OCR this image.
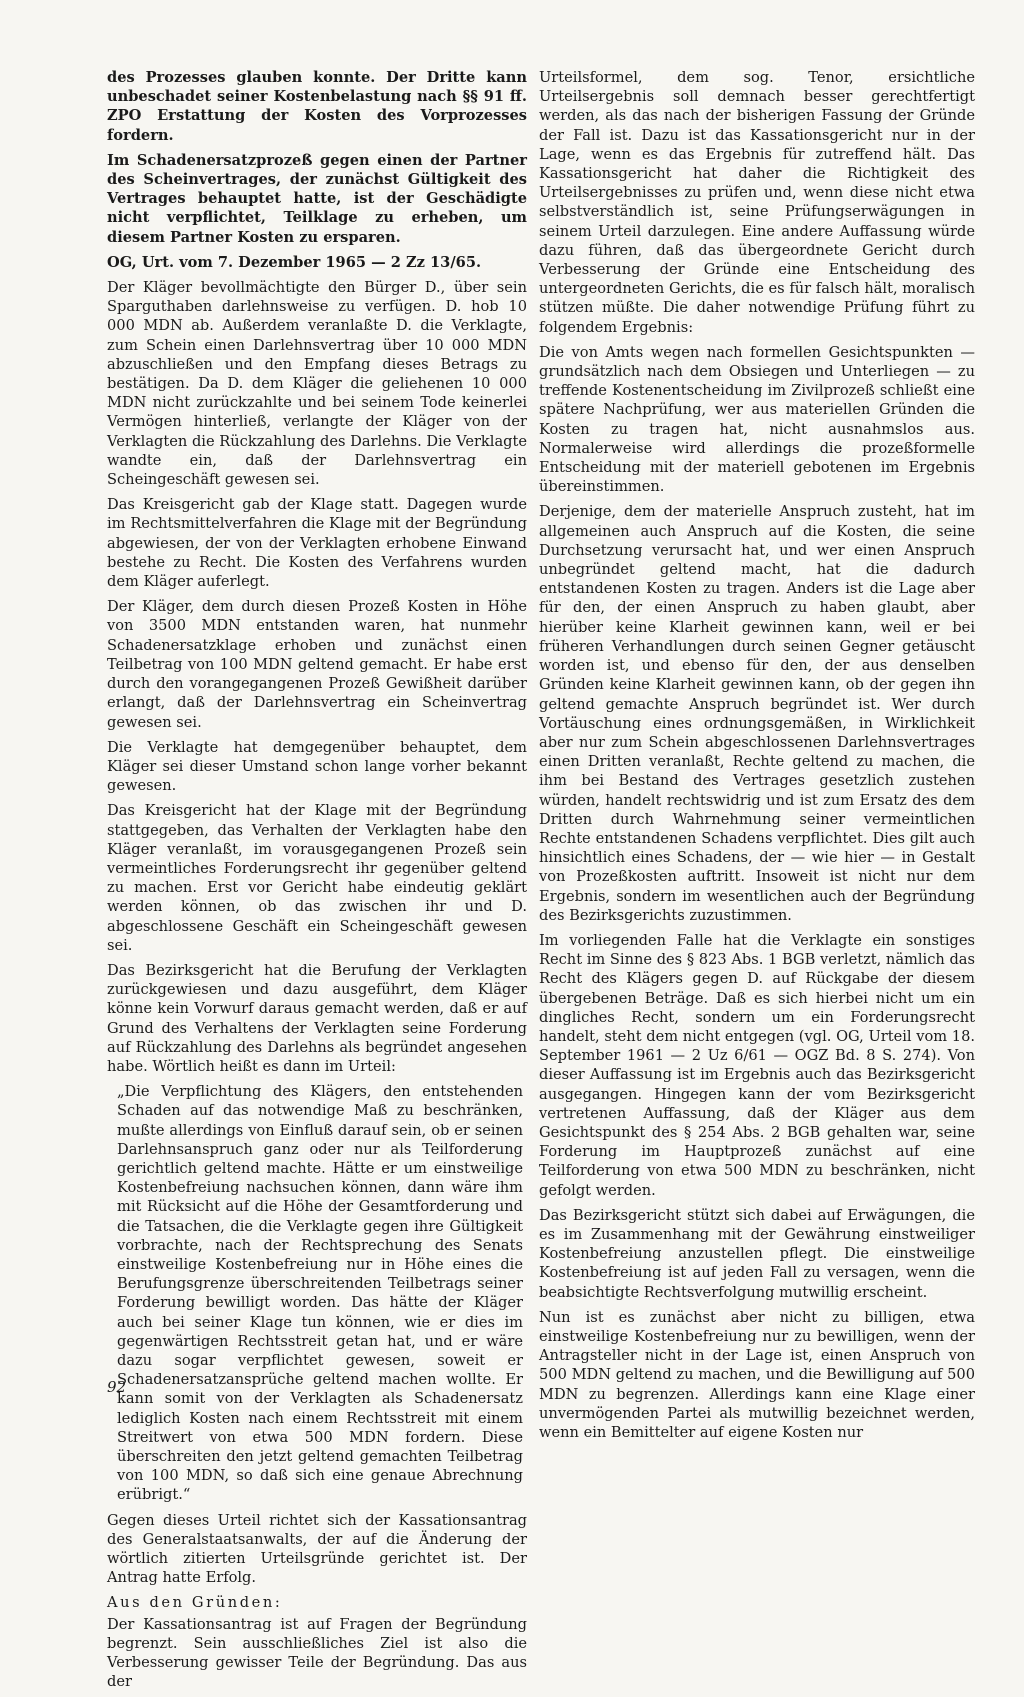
des Prozesses glauben konnte. Der Dritte kann unbeschadet seiner Kostenbelastung nach §§ 91 ff. ZPO Erstattung der Kosten des Vorprozesses fordern.

Im Schadenersatzprozeß gegen einen der Partner des Scheinvertrages, der zunächst Gültigkeit des Vertrages behauptet hatte, ist der Geschädigte nicht verpflichtet, Teilklage zu erheben, um diesem Partner Kosten zu ersparen.

OG, Urt. vom 7. Dezember 1965 — 2 Zz 13/65.

Der Kläger bevollmächtigte den Bürger D., über sein Sparguthaben darlehnsweise zu verfügen. D. hob 10 000 MDN ab. Außerdem veranlaßte D. die Verklagte, zum Schein einen Darlehnsvertrag über 10 000 MDN abzuschließen und den Empfang dieses Betrags zu bestätigen. Da D. dem Kläger die geliehenen 10 000 MDN nicht zurückzahlte und bei seinem Tode keinerlei Vermögen hinterließ, verlangte der Kläger von der Verklagten die Rückzahlung des Darlehns. Die Verklagte wandte ein, daß der Darlehnsvertrag ein Scheingeschäft gewesen sei.

Das Kreisgericht gab der Klage statt. Dagegen wurde im Rechtsmittelverfahren die Klage mit der Begründung abgewiesen, der von der Verklagten erhobene Einwand bestehe zu Recht. Die Kosten des Verfahrens wurden dem Kläger auferlegt.

Der Kläger, dem durch diesen Prozeß Kosten in Höhe von 3500 MDN entstanden waren, hat nunmehr Schadenersatzklage erhoben und zunächst einen Teilbetrag von 100 MDN geltend gemacht. Er habe erst durch den vorangegangenen Prozeß Gewißheit darüber erlangt, daß der Darlehnsvertrag ein Scheinvertrag gewesen sei.

Die Verklagte hat demgegenüber behauptet, dem Kläger sei dieser Umstand schon lange vorher bekannt gewesen.

Das Kreisgericht hat der Klage mit der Begründung stattgegeben, das Verhalten der Verklagten habe den Kläger veranlaßt, im vorausgegangenen Prozeß sein vermeintliches Forderungsrecht ihr gegenüber geltend zu machen. Erst vor Gericht habe eindeutig geklärt werden können, ob das zwischen ihr und D. abgeschlossene Geschäft ein Scheingeschäft gewesen sei.

Das Bezirksgericht hat die Berufung der Verklagten zurückgewiesen und dazu ausgeführt, dem Kläger könne kein Vorwurf daraus gemacht werden, daß er auf Grund des Verhaltens der Verklagten seine Forderung auf Rückzahlung des Darlehns als begründet angesehen habe. Wörtlich heißt es dann im Urteil:

„Die Verpflichtung des Klägers, den entstehenden Schaden auf das notwendige Maß zu beschränken, mußte allerdings von Einfluß darauf sein, ob er seinen Darlehnsanspruch ganz oder nur als Teilforderung gerichtlich geltend machte. Hätte er um einstweilige Kostenbefreiung nachsuchen können, dann wäre ihm mit Rücksicht auf die Höhe der Gesamtforderung und die Tatsachen, die die Verklagte gegen ihre Gültigkeit vorbrachte, nach der Rechtsprechung des Senats einstweilige Kostenbefreiung nur in Höhe eines die Berufungsgrenze überschreitenden Teilbetrags seiner Forderung bewilligt worden. Das hätte der Kläger auch bei seiner Klage tun können, wie er dies im gegenwärtigen Rechtsstreit getan hat, und er wäre dazu sogar verpflichtet gewesen, soweit er Schadenersatzansprüche geltend machen wollte. Er kann somit von der Verklagten als Schadenersatz lediglich Kosten nach einem Rechtsstreit mit einem Streitwert von etwa 500 MDN fordern. Diese überschreiten den jetzt geltend gemachten Teilbetrag von 100 MDN, so daß sich eine genaue Abrechnung erübrigt.“

Gegen dieses Urteil richtet sich der Kassationsantrag des Generalstaatsanwalts, der auf die Änderung der wörtlich zitierten Urteilsgründe gerichtet ist. Der Antrag hatte Erfolg.

Aus den Gründen:

Der Kassationsantrag ist auf Fragen der Begründung begrenzt. Sein ausschließliches Ziel ist also die Verbesserung gewisser Teile der Begründung. Das aus der

Urteilsformel, dem sog. Tenor, ersichtliche Urteilsergebnis soll demnach besser gerechtfertigt werden, als das nach der bisherigen Fassung der Gründe der Fall ist. Dazu ist das Kassationsgericht nur in der Lage, wenn es das Ergebnis für zutreffend hält. Das Kassationsgericht hat daher die Richtigkeit des Urteilsergebnisses zu prüfen und, wenn diese nicht etwa selbstverständlich ist, seine Prüfungserwägungen in seinem Urteil darzulegen. Eine andere Auffassung würde dazu führen, daß das übergeordnete Gericht durch Verbesserung der Gründe eine Entscheidung des untergeordneten Gerichts, die es für falsch hält, moralisch stützen müßte. Die daher notwendige Prüfung führt zu folgendem Ergebnis:

Die von Amts wegen nach formellen Gesichtspunkten — grundsätzlich nach dem Obsiegen und Unterliegen — zu treffende Kostenentscheidung im Zivilprozeß schließt eine spätere Nachprüfung, wer aus materiellen Gründen die Kosten zu tragen hat, nicht ausnahmslos aus. Normalerweise wird allerdings die prozeßformelle Entscheidung mit der materiell gebotenen im Ergebnis übereinstimmen.

Derjenige, dem der materielle Anspruch zusteht, hat im allgemeinen auch Anspruch auf die Kosten, die seine Durchsetzung verursacht hat, und wer einen Anspruch unbegründet geltend macht, hat die dadurch entstandenen Kosten zu tragen. Anders ist die Lage aber für den, der einen Anspruch zu haben glaubt, aber hierüber keine Klarheit gewinnen kann, weil er bei früheren Verhandlungen durch seinen Gegner getäuscht worden ist, und ebenso für den, der aus denselben Gründen keine Klarheit gewinnen kann, ob der gegen ihn geltend gemachte Anspruch begründet ist. Wer durch Vortäuschung eines ordnungsgemäßen, in Wirklichkeit aber nur zum Schein abgeschlossenen Darlehnsvertrages einen Dritten veranlaßt, Rechte geltend zu machen, die ihm bei Bestand des Vertrages gesetzlich zustehen würden, handelt rechtswidrig und ist zum Ersatz des dem Dritten durch Wahrnehmung seiner vermeintlichen Rechte entstandenen Schadens verpflichtet. Dies gilt auch hinsichtlich eines Schadens, der — wie hier — in Gestalt von Prozeßkosten auftritt. Insoweit ist nicht nur dem Ergebnis, sondern im wesentlichen auch der Begründung des Bezirksgerichts zuzustimmen.

Im vorliegenden Falle hat die Verklagte ein sonstiges Recht im Sinne des § 823 Abs. 1 BGB verletzt, nämlich das Recht des Klägers gegen D. auf Rückgabe der diesem übergebenen Beträge. Daß es sich hierbei nicht um ein dingliches Recht, sondern um ein Forderungsrecht handelt, steht dem nicht entgegen (vgl. OG, Urteil vom 18. September 1961 — 2 Uz 6/61 — OGZ Bd. 8 S. 274). Von dieser Auffassung ist im Ergebnis auch das Bezirksgericht ausgegangen. Hingegen kann der vom Bezirksgericht vertretenen Auffassung, daß der Kläger aus dem Gesichtspunkt des § 254 Abs. 2 BGB gehalten war, seine Forderung im Hauptprozeß zunächst auf eine Teilforderung von etwa 500 MDN zu beschränken, nicht gefolgt werden.

Das Bezirksgericht stützt sich dabei auf Erwägungen, die es im Zusammenhang mit der Gewährung einstweiliger Kostenbefreiung anzustellen pflegt. Die einstweilige Kostenbefreiung ist auf jeden Fall zu versagen, wenn die beabsichtigte Rechtsverfolgung mutwillig erscheint.

Nun ist es zunächst aber nicht zu billigen, etwa einstweilige Kostenbefreiung nur zu bewilligen, wenn der Antragsteller nicht in der Lage ist, einen Anspruch von 500 MDN geltend zu machen, und die Bewilligung auf 500 MDN zu begrenzen. Allerdings kann eine Klage einer unvermögenden Partei als mutwillig bezeichnet werden, wenn ein Bemittelter auf eigene Kosten nur

92
